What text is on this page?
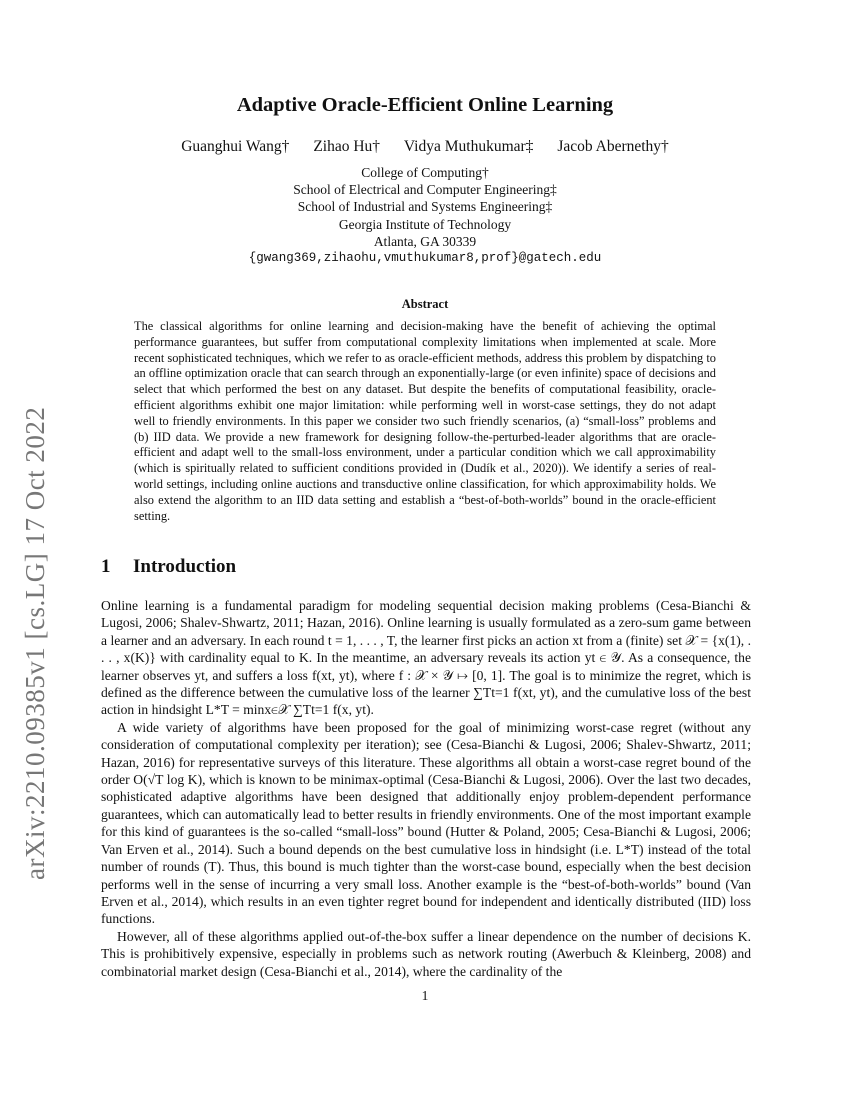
arXiv:2210.09385v1 [cs.LG] 17 Oct 2022
Adaptive Oracle-Efficient Online Learning
Guanghui Wang† Zihao Hu† Vidya Muthukumar‡ Jacob Abernethy†
College of Computing†
School of Electrical and Computer Engineering‡
School of Industrial and Systems Engineering‡
Georgia Institute of Technology
Atlanta, GA 30339
{gwang369,zihaohu,vmuthukumar8,prof}@gatech.edu
Abstract
The classical algorithms for online learning and decision-making have the benefit of achieving the optimal performance guarantees, but suffer from computational complexity limitations when implemented at scale. More recent sophisticated techniques, which we refer to as oracle-efficient methods, address this problem by dispatching to an offline optimization oracle that can search through an exponentially-large (or even infinite) space of decisions and select that which performed the best on any dataset. But despite the benefits of computational feasibility, oracle-efficient algorithms exhibit one major limitation: while performing well in worst-case settings, they do not adapt well to friendly environments. In this paper we consider two such friendly scenarios, (a) “small-loss” problems and (b) IID data. We provide a new framework for designing follow-the-perturbed-leader algorithms that are oracle-efficient and adapt well to the small-loss environment, under a particular condition which we call approximability (which is spiritually related to sufficient conditions provided in (Dudík et al., 2020)). We identify a series of real-world settings, including online auctions and transductive online classification, for which approximability holds. We also extend the algorithm to an IID data setting and establish a “best-of-both-worlds” bound in the oracle-efficient setting.
1 Introduction

Online learning is a fundamental paradigm for modeling sequential decision making problems (Cesa-Bianchi & Lugosi, 2006; Shalev-Shwartz, 2011; Hazan, 2016). Online learning is usually formulated as a zero-sum game between a learner and an adversary. In each round t = 1, . . . , T, the learner first picks an action xt from a (finite) set 𝒳 = {x(1), . . . , x(K)} with cardinality equal to K. In the meantime, an adversary reveals its action yt ∈ 𝒴. As a consequence, the learner observes yt, and suffers a loss f(xt, yt), where f : 𝒳 × 𝒴 ↦ [0, 1]. The goal is to minimize the regret, which is defined as the difference between the cumulative loss of the learner ∑Tt=1 f(xt, yt), and the cumulative loss of the best action in hindsight L*T = minx∈𝒳 ∑Tt=1 f(x, yt).

A wide variety of algorithms have been proposed for the goal of minimizing worst-case regret (without any consideration of computational complexity per iteration); see (Cesa-Bianchi & Lugosi, 2006; Shalev-Shwartz, 2011; Hazan, 2016) for representative surveys of this literature. These algorithms all obtain a worst-case regret bound of the order O(√T log K), which is known to be minimax-optimal (Cesa-Bianchi & Lugosi, 2006). Over the last two decades, sophisticated adaptive algorithms have been designed that additionally enjoy problem-dependent performance guarantees, which can automatically lead to better results in friendly environments. One of the most important example for this kind of guarantees is the so-called “small-loss” bound (Hutter & Poland, 2005; Cesa-Bianchi & Lugosi, 2006; Van Erven et al., 2014). Such a bound depends on the best cumulative loss in hindsight (i.e. L*T) instead of the total number of rounds (T). Thus, this bound is much tighter than the worst-case bound, especially when the best decision performs well in the sense of incurring a very small loss. Another example is the “best-of-both-worlds” bound (Van Erven et al., 2014), which results in an even tighter regret bound for independent and identically distributed (IID) loss functions.

However, all of these algorithms applied out-of-the-box suffer a linear dependence on the number of decisions K. This is prohibitively expensive, especially in problems such as network routing (Awerbuch & Kleinberg, 2008) and combinatorial market design (Cesa-Bianchi et al., 2014), where the cardinality of the

1
